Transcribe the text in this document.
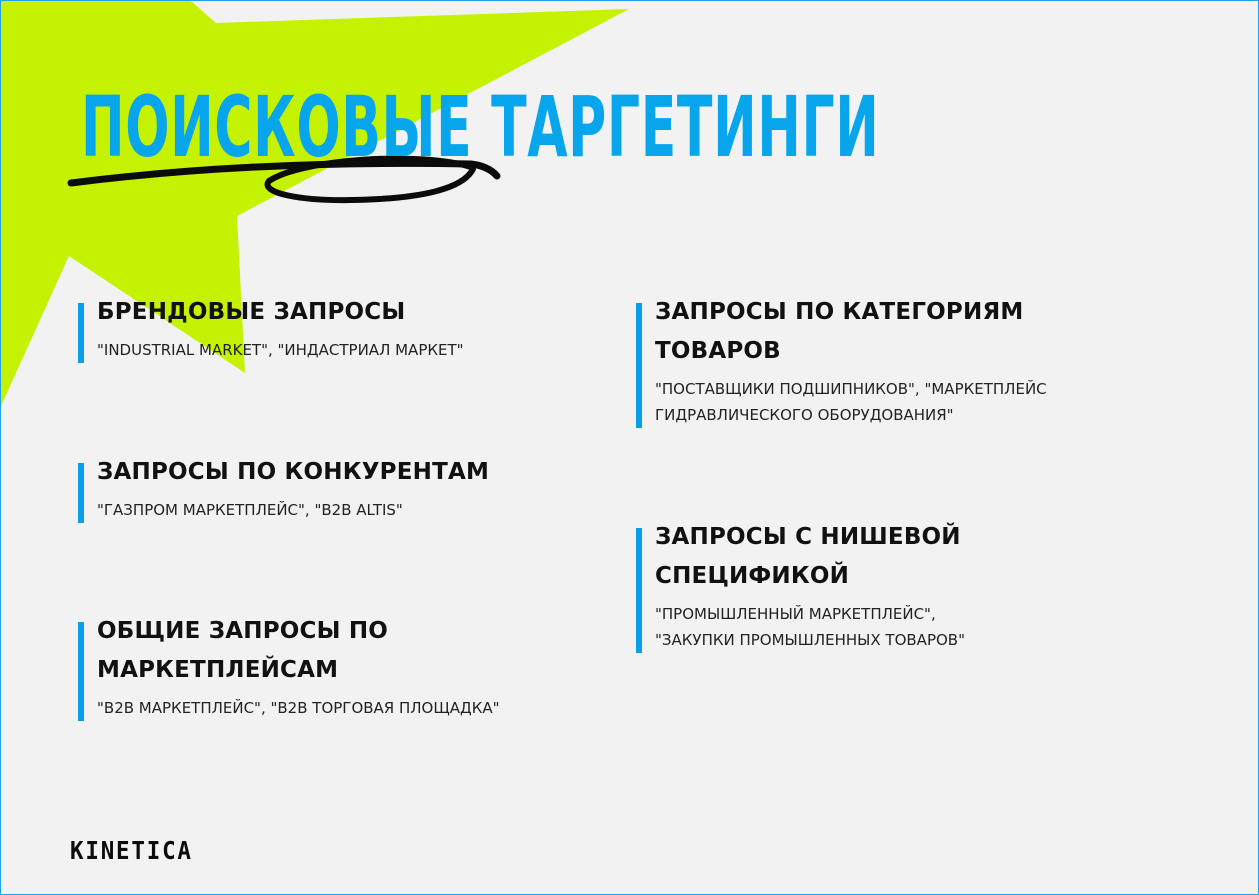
ПОИСКОВЫЕ ТАРГЕТИНГИ

БРЕНДОВЫЕ ЗАПРОСЫ

"INDUSTRIAL MARKET", "ИНДАСТРИАЛ МАРКЕТ"

ЗАПРОСЫ ПО КОНКУРЕНТАМ

"ГАЗПРОМ МАРКЕТПЛЕЙС", "B2B ALTIS"

ОБЩИЕ ЗАПРОСЫ ПО

МАРКЕТПЛЕЙСАМ

"B2B МАРКЕТПЛЕЙС", "B2B ТОРГОВАЯ ПЛОЩАДКА"

ЗАПРОСЫ ПО КАТЕГОРИЯМ

ТОВАРОВ

"ПОСТАВЩИКИ ПОДШИПНИКОВ", "МАРКЕТПЛЕЙС

ГИДРАВЛИЧЕСКОГО ОБОРУДОВАНИЯ"

ЗАПРОСЫ С НИШЕВОЙ

СПЕЦИФИКОЙ

"ПРОМЫШЛЕННЫЙ МАРКЕТПЛЕЙС",

"ЗАКУПКИ ПРОМЫШЛЕННЫХ ТОВАРОВ"

KINETICA
